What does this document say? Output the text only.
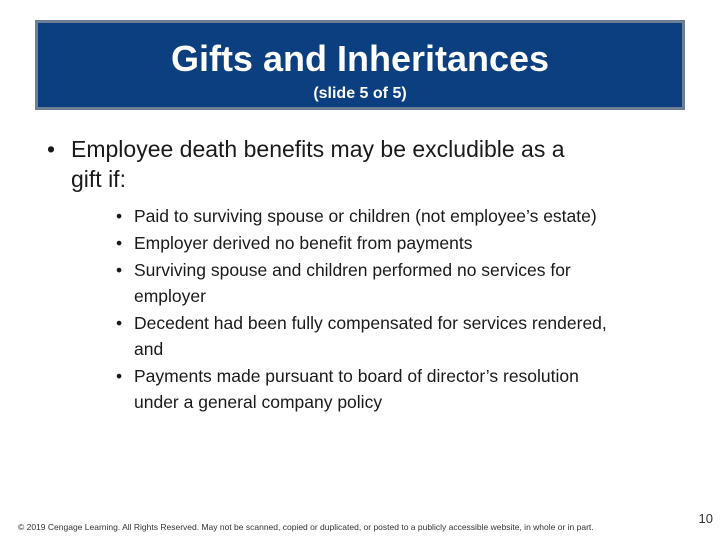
Gifts and Inheritances
(slide 5 of 5)
• Employee death benefits may be excludible as a
gift if:
• Paid to surviving spouse or children (not employee’s estate)
• Employer derived no benefit from payments
• Surviving spouse and children performed no services for
employer
• Decedent had been fully compensated for services rendered,
and
• Payments made pursuant to board of director’s resolution
under a general company policy
© 2019 Cengage Learning. All Rights Reserved. May not be scanned, copied or duplicated, or posted to a publicly accessible website, in whole or in part.
10
